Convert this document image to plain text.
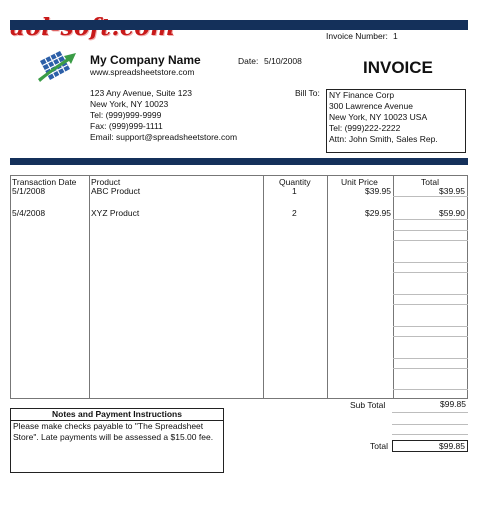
Invoice Number: 1
My Company Name
www.spreadsheetstore.com
Date: 5/10/2008	INVOICE
123 Any Avenue, Suite 123
New York, NY 10023
Tel: (999)999-9999
Fax: (999)999-1111
Email: support@spreadsheetstore.com
Bill To: NY Finance Corp
300 Lawrence Avenue
New York, NY 10023 USA
Tel: (999)222-2222
Attn: John Smith, Sales Rep.
Transaction Date Product	Quantity	Unit Price	Total
5/1/2008	ABC Product	1	$39.95	$39.95
5/4/2008	XYZ Product	2	$29.95	$59.90
Sub Total	$99.85
Total	$99.85
Notes and Payment Instructions
Please make checks payable to "The Spreadsheet
Store". Late payments will be assessed a $15.00 fee.
